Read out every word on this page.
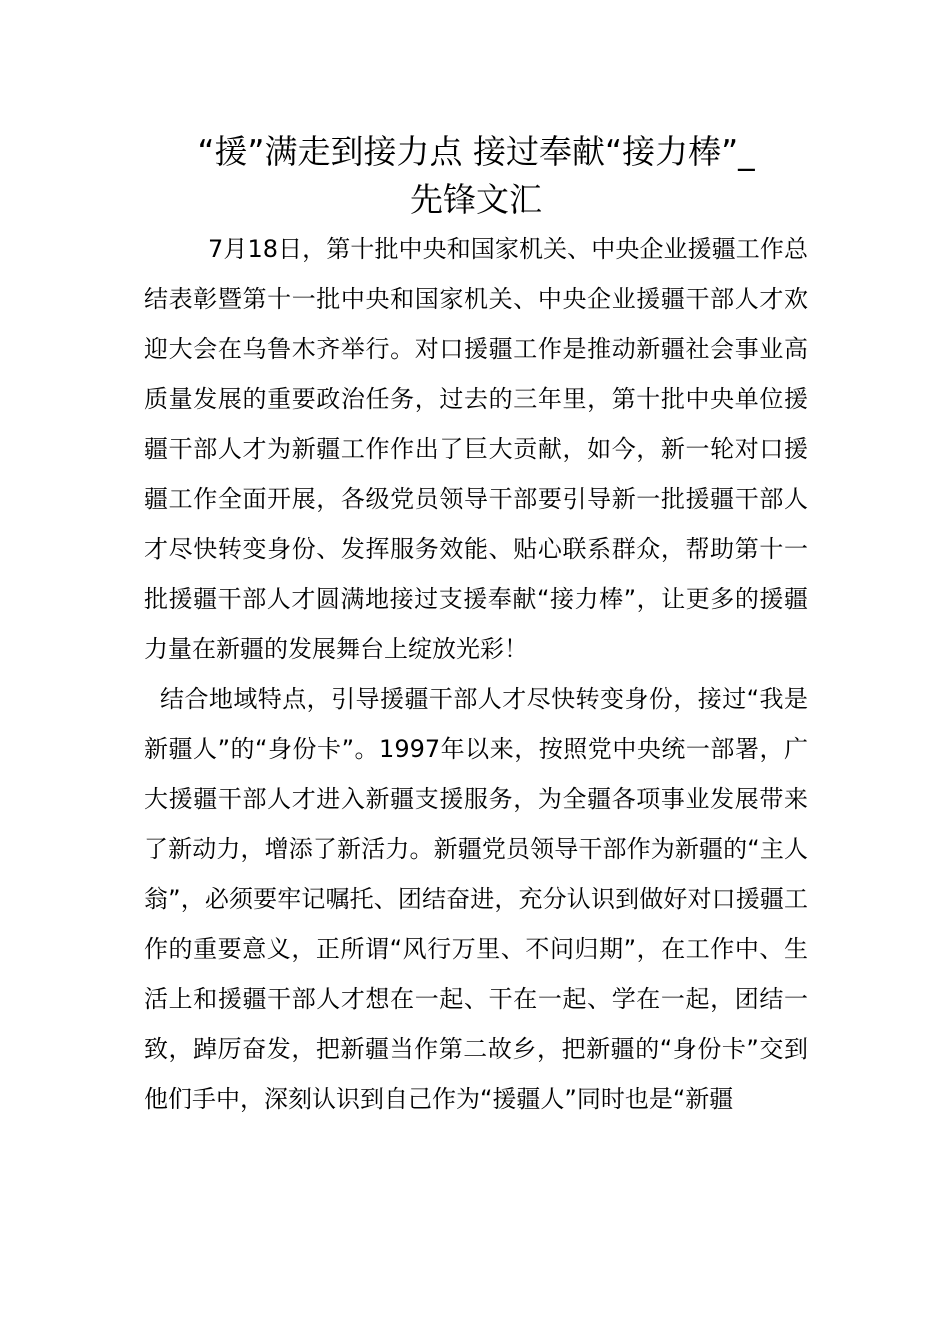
“援”满走到接力点 接过奉献“接力棒”_
先锋文汇

7月18日，第十批中央和国家机关、中央企业援疆工作总结表彰暨第十一批中央和国家机关、中央企业援疆干部人才欢迎大会在乌鲁木齐举行。对口援疆工作是推动新疆社会事业高质量发展的重要政治任务，过去的三年里，第十批中央单位援疆干部人才为新疆工作作出了巨大贡献，如今，新一轮对口援疆工作全面开展，各级党员领导干部要引导新一批援疆干部人才尽快转变身份、发挥服务效能、贴心联系群众，帮助第十一批援疆干部人才圆满地接过支援奉献“接力棒”，让更多的援疆力量在新疆的发展舞台上绽放光彩！

结合地域特点，引导援疆干部人才尽快转变身份，接过“我是新疆人”的“身份卡”。1997年以来，按照党中央统一部署，广大援疆干部人才进入新疆支援服务，为全疆各项事业发展带来了新动力，增添了新活力。新疆党员领导干部作为新疆的“主人翁”，必须要牢记嘱托、团结奋进，充分认识到做好对口援疆工作的重要意义，正所谓“风行万里、不问归期”，在工作中、生活上和援疆干部人才想在一起、干在一起、学在一起，团结一致，踔厉奋发，把新疆当作第二故乡，把新疆的“身份卡”交到他们手中，深刻认识到自己作为“援疆人”同时也是“新疆
